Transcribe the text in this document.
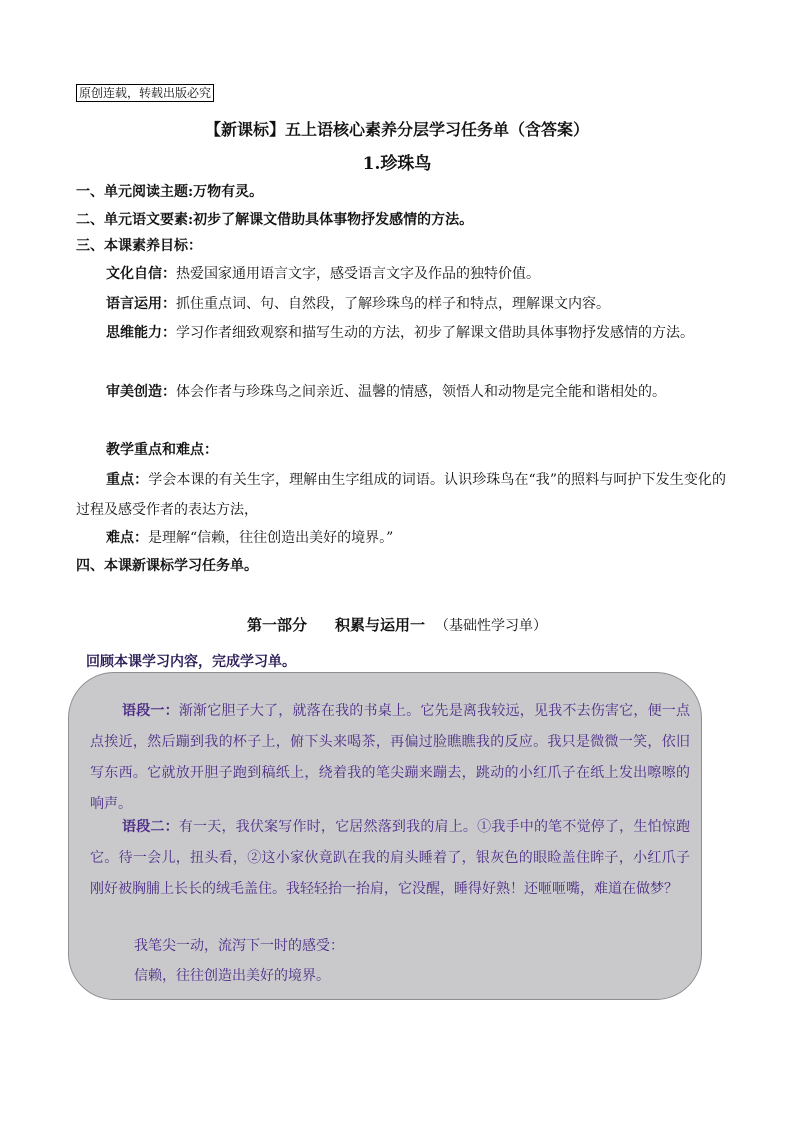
原创连载，转载出版必究
【新课标】五上语核心素养分层学习任务单（含答案）
1.珍珠鸟
一、单元阅读主题:万物有灵。
二、单元语文要素:初步了解课文借助具体事物抒发感情的方法。
三、本课素养目标：
文化自信：热爱国家通用语言文字，感受语言文字及作品的独特价值。
语言运用：抓住重点词、句、自然段，了解珍珠鸟的样子和特点，理解课文内容。
思维能力：学习作者细致观察和描写生动的方法，初步了解课文借助具体事物抒发感情的方法。
审美创造：体会作者与珍珠鸟之间亲近、温馨的情感，领悟人和动物是完全能和谐相处的。
教学重点和难点：
重点：学会本课的有关生字，理解由生字组成的词语。认识珍珠鸟在“我”的照料与呵护下发生变化的过程及感受作者的表达方法，
难点：是理解“信赖，往往创造出美好的境界。”
四、本课新课标学习任务单。
第一部分 积累与运用一 （基础性学习单）
回顾本课学习内容，完成学习单。
语段一：渐渐它胆子大了，就落在我的书桌上。它先是离我较远，见我不去伤害它，便一点点挨近，然后蹦到我的杯子上，俯下头来喝茶，再偏过脸瞧瞧我的反应。我只是微微一笑，依旧写东西。它就放开胆子跑到稿纸上，绕着我的笔尖蹦来蹦去，跳动的小红爪子在纸上发出嚓嚓的响声。
语段二：有一天，我伏案写作时，它居然落到我的肩上。①我手中的笔不觉停了，生怕惊跑它。待一会儿，扭头看，②这小家伙竟趴在我的肩头睡着了，银灰色的眼睑盖住眸子，小红爪子刚好被胸脯上长长的绒毛盖住。我轻轻抬一抬肩，它没醒，睡得好熟！还咂咂嘴，难道在做梦？
我笔尖一动，流泻下一时的感受：
信赖，往往创造出美好的境界。
